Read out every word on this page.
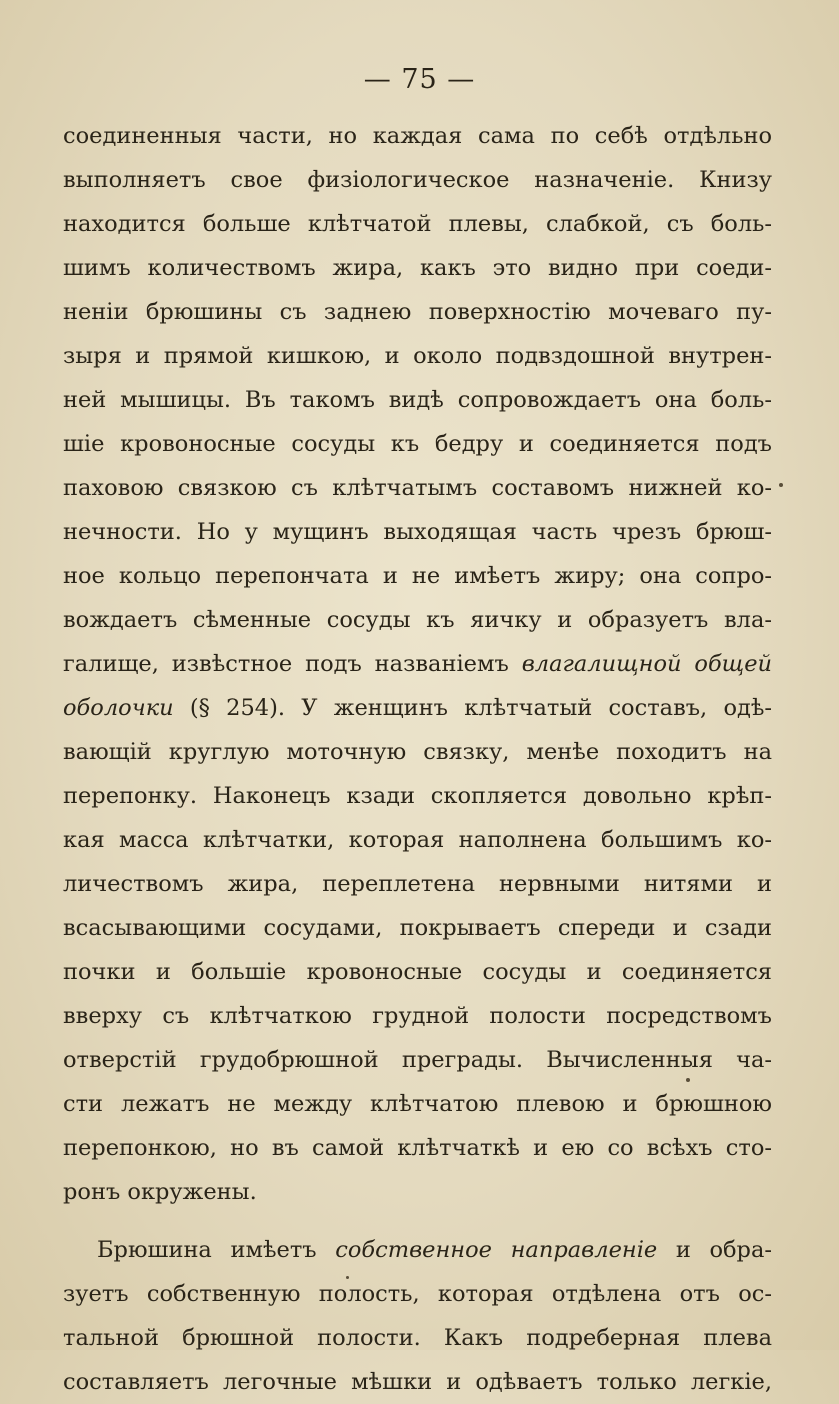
— 75 —
соединенныя части, но каждая сама по себѣ отдѣльно
выполняетъ свое физiологическое назначенiе. Книзу
находится больше клѣтчатой плевы, слабкой, съ боль-
шимъ количествомъ жира, какъ это видно при соеди-
ненiи брюшины съ заднею поверхностiю мочеваго пу-
зыря и прямой кишкою, и около подвздошной внутрен-
ней мышицы. Въ такомъ видѣ сопровождаетъ она боль-
шiе кровоносные сосуды къ бедру и соединяется подъ
паховою связкою съ клѣтчатымъ составомъ нижней ко-
нечности. Но у мущинъ выходящая часть чрезъ брюш-
ное кольцо перепончата и не имѣетъ жиру; она сопро-
вождаетъ сѣменные сосуды къ яичку и образуетъ вла-
галище, извѣстное подъ названiемъ влагалищной общей
оболочки (§ 254). У женщинъ клѣтчатый составъ, одѣ-
вающiй круглую моточную связку, менѣе походитъ на
перепонку. Наконецъ кзади скопляется довольно крѣп-
кая масса клѣтчатки, которая наполнена большимъ ко-
личествомъ жира, переплетена нервными нитями и
всасывающими сосудами, покрываетъ спереди и сзади
почки и большiе кровоносные сосуды и соединяется
вверху съ клѣтчаткою грудной полости посредствомъ
отверстiй грудобрюшной преграды. Вычисленныя ча-
сти лежатъ не между клѣтчатою плевою и брюшною
перепонкою, но въ самой клѣтчаткѣ и ею со всѣхъ сто-
ронъ окружены.
Брюшина имѣетъ собственное направленiе и обра-
зуетъ собственную полость, которая отдѣлена отъ ос-
тальной брюшной полости. Какъ подреберная плева
составляетъ легочные мѣшки и одѣваетъ только легкiе,
